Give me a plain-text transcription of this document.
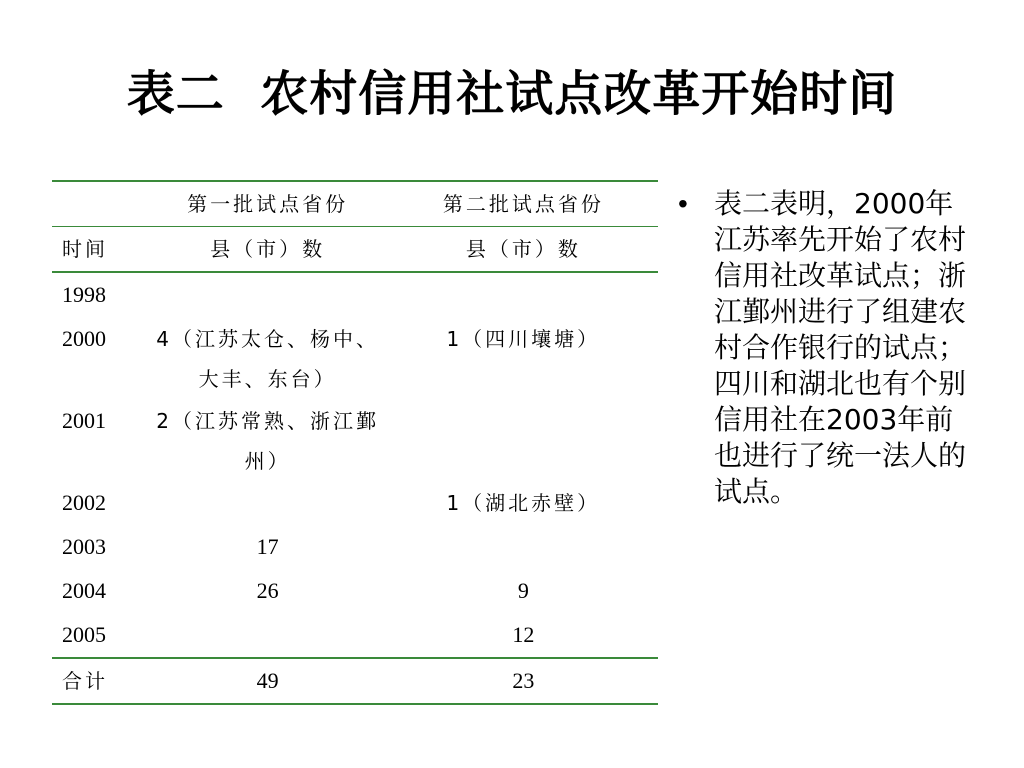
表二  农村信用社试点改革开始时间
	第一批试点省份	第二批试点省份
时间	县（市）数	县（市）数
1998		
2000	4（江苏太仓、杨中、大丰、东台）	1（四川壤塘）
2001	2（江苏常熟、浙江鄞州）	
2002		1（湖北赤壁）
2003	17	
2004	26	9
2005		12
合计	49	23
• 表二表明，2000年江苏率先开始了农村信用社改革试点；浙江鄞州进行了组建农村合作银行的试点；四川和湖北也有个别信用社在2003年前也进行了统一法人的试点。
